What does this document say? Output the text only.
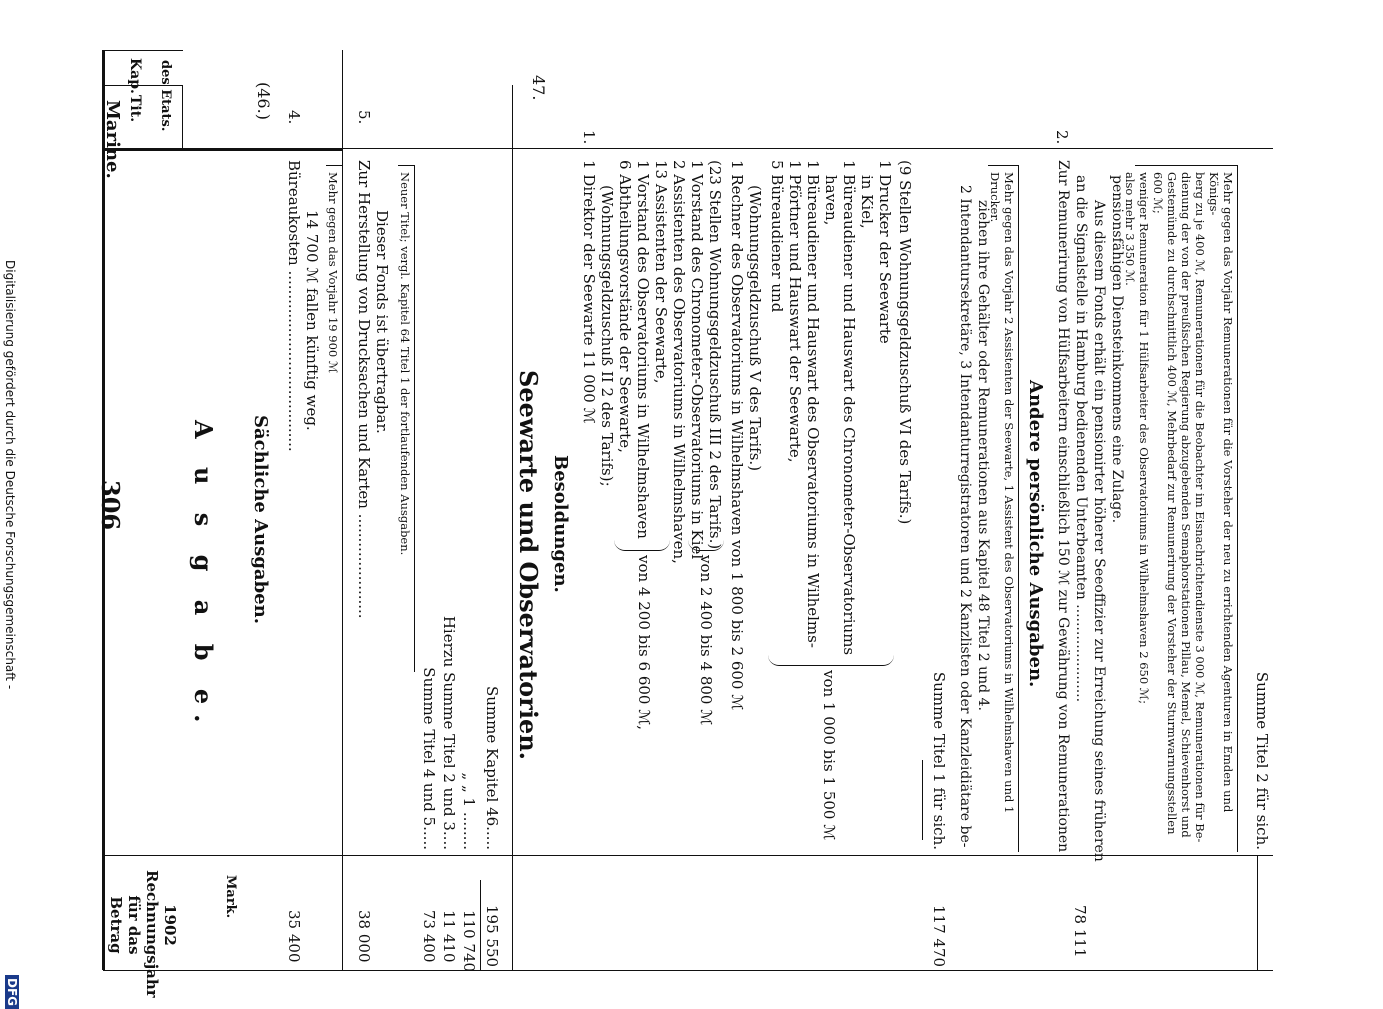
Marine.
306
Kap.
Tit. des Etats.
A u s g a b e.
Betrag für das Rechnungsjahr 1902
Mark.
(46.)
Sächliche Ausgaben.
4.
Büreaukosten ...................................... 14 700 ℳ fallen künftig weg. Mehr gegen das Vorjahr 19 900 ℳ
35 400
5.
Zur Herstellung von Drucksachen und Karten ...................... Dieser Fonds ist übertragbar. Neuer Titel; vergl. Kapitel 64 Titel 1 der fortlaufenden Ausgaben.
38 000
Summe Titel 4 und 5.....
73 400
Hierzu Summe Titel 2 und 3....
11 410
„ „ 1 ........
110 740
Summe Kapitel 46.....
195 550
47.
Seewarte und Observatorien. Besoldungen.
1.
1 Direktor der Seewarte 11 000 ℳ (Wohnungsgeldzuschuß II 2 des Tarifs); 6 Abtheilungsvorstände der Seewarte, 1 Vorstand des Observatoriums in Wilhelmshaven 13 Assistenten der Seewarte, 2 Assistenten des Observatoriums in Wilhelmshaven, 1 Vorstand des Chronometer-Observatoriums in Kiel (23 Stellen Wohnungsgeldzuschuß III 2 des Tarifs.) 1 Rechner des Observatoriums in Wilhelmshaven von 1 800 bis 2 600 ℳ (Wohnungsgeldzuschuß V des Tarifs.) 5 Büreaudiener und 1 Pförtner und Hauswart der Seewarte, 1 Büreaudiener und Hauswart des Observatoriums in Wilhelms- haven, 1 Büreaudiener und Hauswart des Chronometer-Observatoriums in Kiel, 1 Drucker der Seewarte (9 Stellen Wohnungsgeldzuschuß VI des Tarifs.)
von 4 200 bis 6 600 ℳ,	von 2 400 bis 4 800 ℳ
von 1 000 bis 1 500 ℳ	Summe Titel 1 für sich.
117 470
2 Intendantursekretäre, 3 Intendanturregistratoren und 2 Kanzlisten oder Kanzleidiätare be- ziehen ihre Gehälter oder Remunerationen aus Kapitel 48 Titel 2 und 4. Mehr gegen das Vorjahr 2 Assistenten der Seewarte, 1 Assistent des Observatoriums in Wilhelmshaven und 1 Drucker.
Andere persönliche Ausgaben.
2.
Zur Remunerirung von Hülfsarbeitern einschließlich 150 ℳ zur Gewährung von Remunerationen an die Signalstelle in Hamburg bedienenden Unterbeamten ...................... Aus diesem Fonds erhält ein pensionirter höherer Seeoffizier zur Erreichung seines früheren pensionsfähigen Diensteinkommens eine Zulage.
78 111
Mehr gegen das Vorjahr Remunerationen für die Vorsteher der neu zu errichtenden Agenturen in Emden und Königs-
berg zu je 400 ℳ, Remunerationen für die Beobachter im Eisnachrichtendienste 3 000 ℳ, Remunerationen für Be-
dienung der von der preußischen Regierung abzugebenden Semaphorstationen Pillau, Memel, Schievenhorst und
Gestemünde zu durchschnittlich 400 ℳ, Mehrbedarf zur Remunerirung der Vorsteher der Sturmwarnungsstellen 600 ℳ;
weniger Remuneration für 1 Hülfsarbeiter des Observatoriums in Wilhelmshaven 2 650 ℳ;
also mehr 3 350 ℳ.
Summe Titel 2 für sich.
Digitalisierung gefördert durch die Deutsche Forschungsgemeinschaft -
DFG
